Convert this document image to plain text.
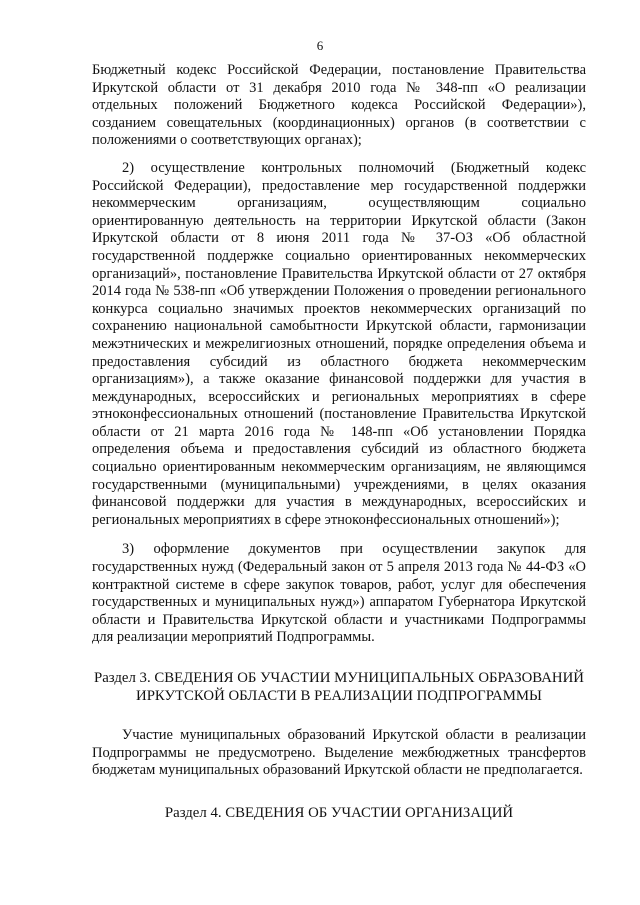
6

Бюджетный кодекс Российской Федерации, постановление Правительства Иркутской области от 31 декабря 2010 года № 348-пп «О реализации отдельных положений Бюджетного кодекса Российской Федерации»), созданием совещательных (координационных) органов (в соответствии с положениями о соответствующих органах);

2) осуществление контрольных полномочий (Бюджетный кодекс Российской Федерации), предоставление мер государственной поддержки некоммерческим организациям, осуществляющим социально ориентированную деятельность на территории Иркутской области (Закон Иркутской области от 8 июня 2011 года № 37-ОЗ «Об областной государственной поддержке социально ориентированных некоммерческих организаций», постановление Правительства Иркутской области от 27 октября 2014 года № 538-пп «Об утверждении Положения о проведении регионального конкурса социально значимых проектов некоммерческих организаций по сохранению национальной самобытности Иркутской области, гармонизации межэтнических и межрелигиозных отношений, порядке определения объема и предоставления субсидий из областного бюджета некоммерческим организациям»), а также оказание финансовой поддержки для участия в международных, всероссийских и региональных мероприятиях в сфере этноконфессиональных отношений (постановление Правительства Иркутской области от 21 марта 2016 года № 148-пп «Об установлении Порядка определения объема и предоставления субсидий из областного бюджета социально ориентированным некоммерческим организациям, не являющимся государственными (муниципальными) учреждениями, в целях оказания финансовой поддержки для участия в международных, всероссийских и региональных мероприятиях в сфере этноконфессиональных отношений»);

3) оформление документов при осуществлении закупок для государственных нужд (Федеральный закон от 5 апреля 2013 года № 44-ФЗ «О контрактной системе в сфере закупок товаров, работ, услуг для обеспечения государственных и муниципальных нужд») аппаратом Губернатора Иркутской области и Правительства Иркутской области и участниками Подпрограммы для реализации мероприятий Подпрограммы.

Раздел 3. СВЕДЕНИЯ ОБ УЧАСТИИ МУНИЦИПАЛЬНЫХ ОБРАЗОВАНИЙ ИРКУТСКОЙ ОБЛАСТИ В РЕАЛИЗАЦИИ ПОДПРОГРАММЫ

Участие муниципальных образований Иркутской области в реализации Подпрограммы не предусмотрено. Выделение межбюджетных трансфертов бюджетам муниципальных образований Иркутской области не предполагается.

Раздел 4. СВЕДЕНИЯ ОБ УЧАСТИИ ОРГАНИЗАЦИЙ
